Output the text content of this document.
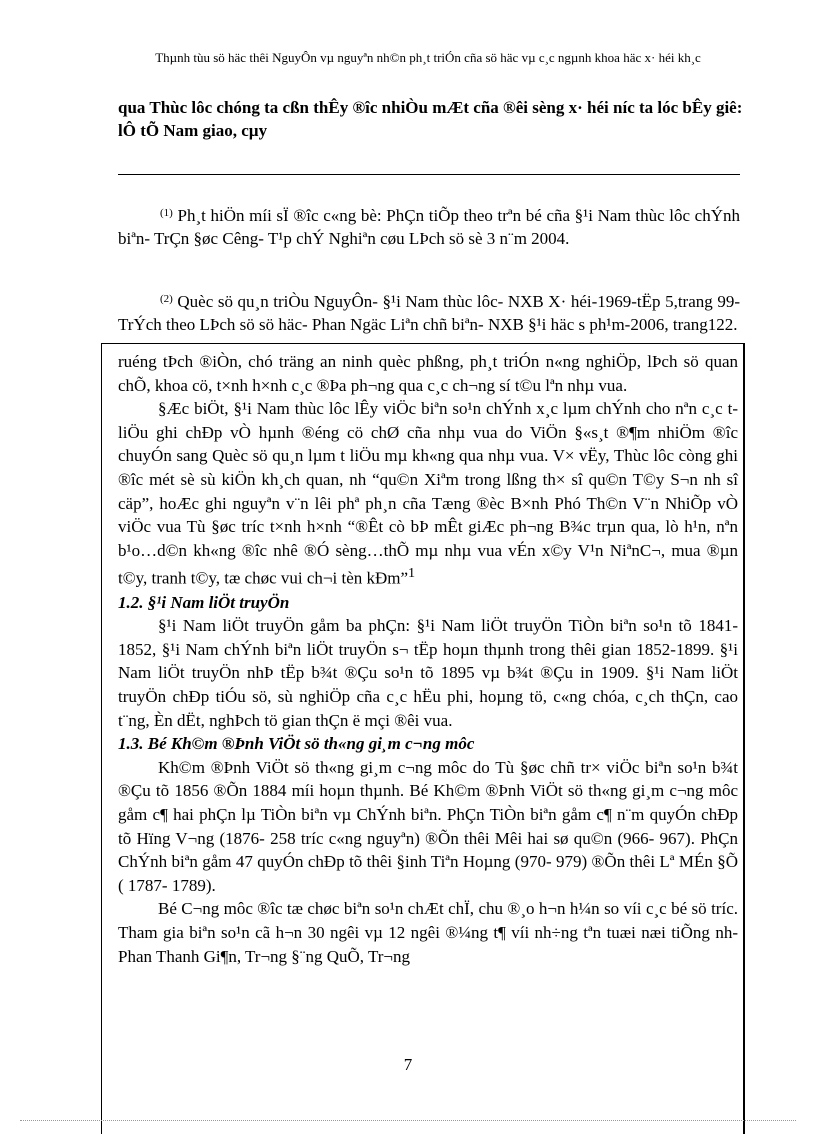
Thµnh tùu sö häc thêi NguyÔn vµ nguyªn nh©n ph¸t triÓn cña sö häc vµ c¸c ngµnh khoa häc x· héi kh¸c
qua Thùc lôc chóng ta cßn thÊy ®îc nhiÒu mÆt cña ®êi sèng x· héi níc ta lóc bÊy giê: lÔ tÕ Nam giao, cµy
$^{(1)}$ Ph¸t hiÖn míi sÏ ®îc c«ng bè: PhÇn tiÕp theo trªn bé cña §¹i Nam thùc lôc chÝnh biªn- TrÇn §øc Cêng- T¹p chÝ Nghiªn cøu LÞch sö sè 3 n¨m 2004.
$^{(2)}$ Quèc sö qu¸n triÒu NguyÔn- §¹i Nam thùc lôc- NXB X· héi-1969-tËp 5,trang 99- TrÝch theo LÞch sö sö häc- Phan Ngäc Liªn chñ biªn- NXB §¹i häc s ph¹m-2006, trang122.

ruéng tÞch ®iÒn, chó träng an ninh quèc phßng, ph¸t triÓn n«ng nghiÖp, lÞch sö quan chÕ, khoa cö, t×nh h×nh c¸c ®Þa ph¬ng qua c¸c ch¬ng sí t©u lªn nhµ vua.

§Æc biÖt, §¹i Nam thùc lôc lÊy viÖc biªn so¹n chÝnh x¸c lµm chÝnh cho nªn c¸c t liÖu ghi chÐp vÒ hµnh ®éng cö chØ cña nhµ vua do ViÖn §«s¸t ®¶m nhiÖm ®îc chuyÓn sang Quèc sö qu¸n lµm t liÖu mµ kh«ng qua nhµ vua. V× vËy, Thùc lôc còng ghi ®îc mét sè sù kiÖn kh¸ch quan, nh “qu©n Xiªm trong lßng th× sî qu©n T©y S¬n nh sî cäp”, hoÆc ghi nguyªn v¨n lêi phª ph¸n cña Tæng ®èc B×nh Phó Th©n V¨n NhiÕp vÒ viÖc vua Tù §øc tríc t×nh h×nh “®Êt cò bÞ mÊt giÆc ph¬ng B¾c trµn qua, lò h¹n, nªn b¹o…d©n kh«ng ®îc nhê ®Ó sèng…thÕ mµ nhµ vua vÉn x©y V¹n NiªnC¬, mua ®µn t©y, tranh t©y, tæ chøc vui ch¬i tèn kÐm”$^1$

1.2. §¹i Nam liÖt truyÖn

§¹i Nam liÖt truyÖn gåm ba phÇn: §¹i Nam liÖt truyÖn TiÒn biªn so¹n tõ 1841- 1852, §¹i Nam chÝnh biªn liÖt truyÖn s¬ tËp hoµn thµnh trong thêi gian 1852-1899. §¹i Nam liÖt truyÖn nhÞ tËp b¾t ®Çu so¹n tõ 1895 vµ b¾t ®Çu in 1909. §¹i Nam liÖt truyÖn chÐp tiÓu sö, sù nghiÖp cña c¸c hËu phi, hoµng tö, c«ng chóa, c¸ch thÇn, cao t¨ng, Èn dËt, nghÞch tö gian thÇn ë mçi ®êi vua.

1.3. Bé Kh©m ®Þnh ViÖt sö th«ng gi¸m c¬ng môc

Kh©m ®Þnh ViÖt sö th«ng gi¸m c¬ng môc do Tù §øc chñ tr× viÖc biªn so¹n b¾t ®Çu tõ 1856 ®Õn 1884 míi hoµn thµnh. Bé Kh©m ®Þnh ViÖt sö th«ng gi¸m c¬ng môc gåm c¶ hai phÇn lµ TiÒn biªn vµ ChÝnh biªn. PhÇn TiÒn biªn gåm c¶ n¨m quyÓn chÐp tõ Hïng V¬ng (1876- 258 tríc c«ng nguyªn) ®Õn thêi Mêi hai sø qu©n (966- 967). PhÇn ChÝnh biªn gåm 47 quyÓn chÐp tõ thêi §inh Tiªn Hoµng (970- 979) ®Õn thêi Lª MÉn §Õ ( 1787- 1789).

Bé C¬ng môc ®îc tæ chøc biªn so¹n chÆt chÏ, chu ®¸o h¬n h¼n so víi c¸c bé sö tríc. Tham gia biªn so¹n cã h¬n 30 ngêi vµ 12 ngêi ®¼ng t¶ víi nh÷ng tªn tuæi næi tiÕng nh Phan Thanh Gi¶n, Tr¬ng §¨ng QuÕ, Tr¬ng

7
